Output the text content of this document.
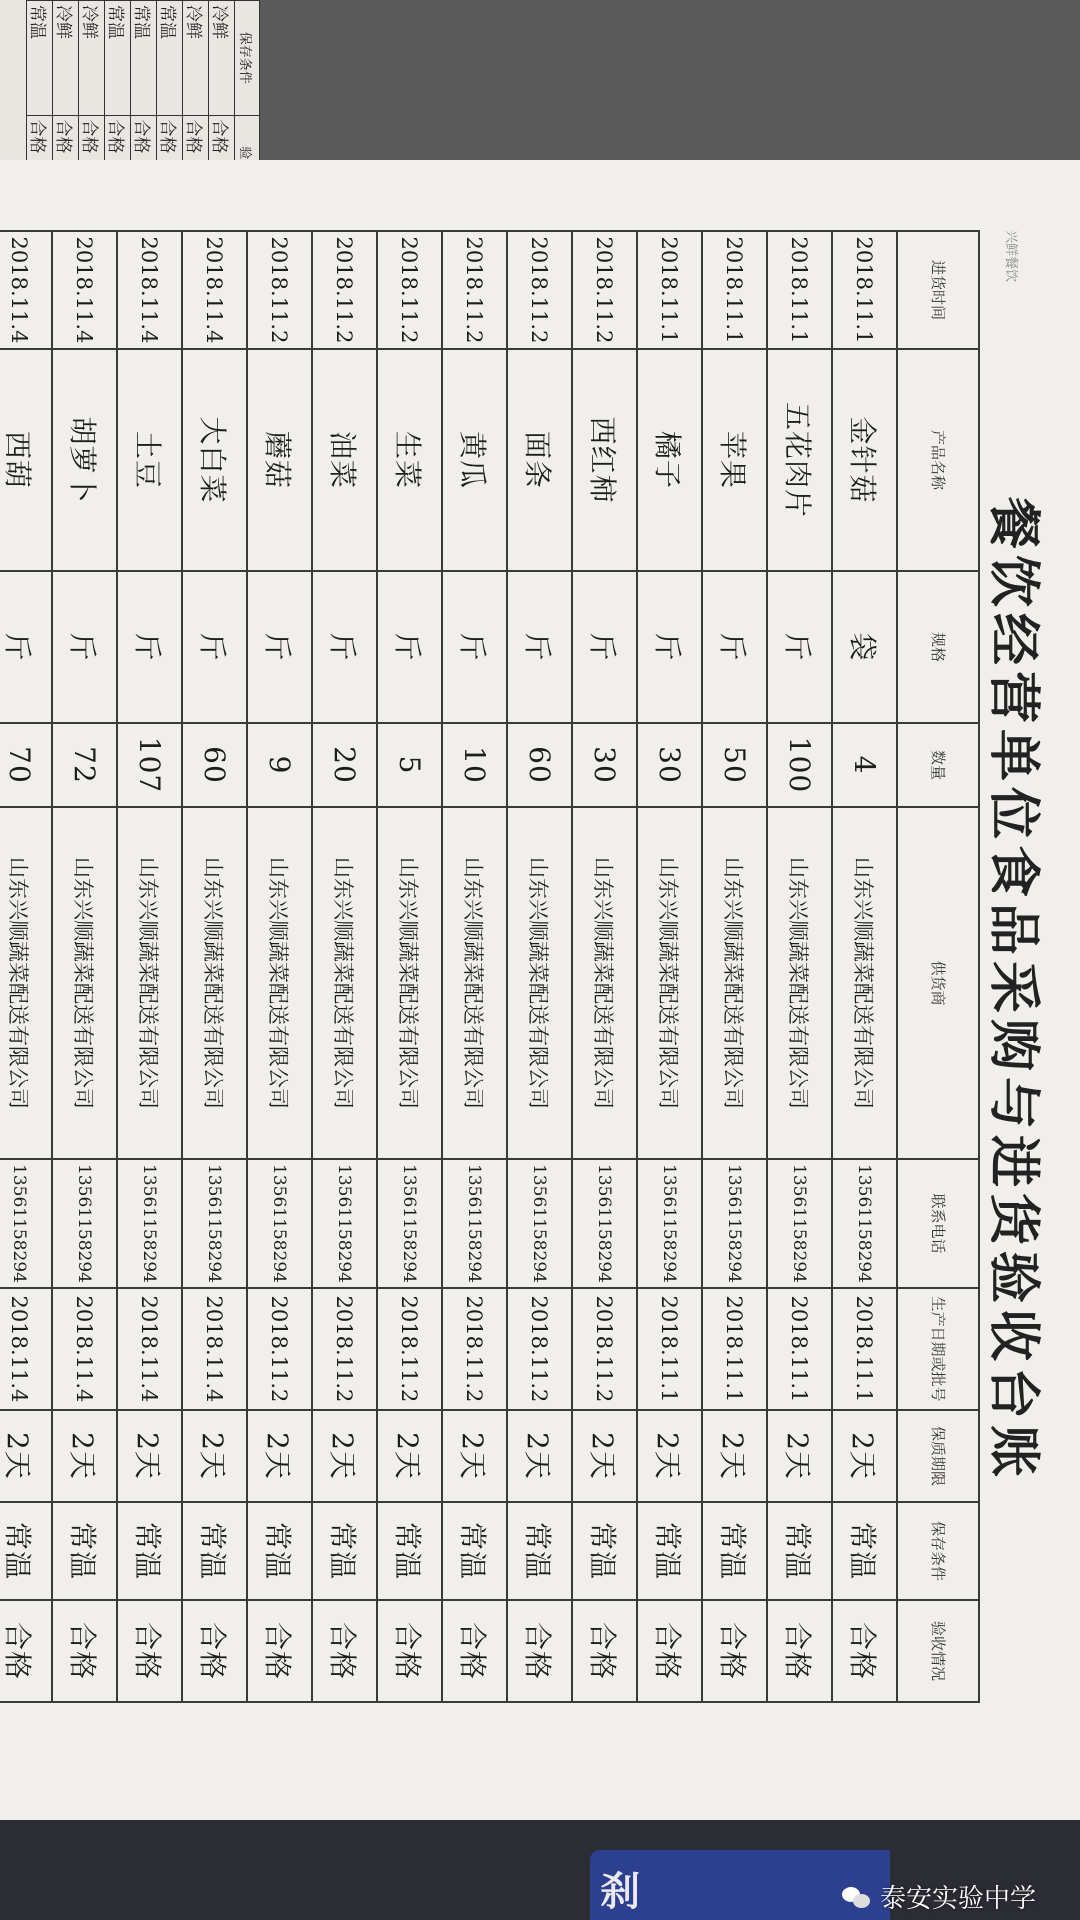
保存条件	
冷鲜	合格
冷鲜	合格
常温	合格
常温	合格
常温	合格
冷鲜	合格
冷鲜	合格
常温	合格
兴鲜餐饮
餐饮经营单位食品采购与进货验收台账
进货时间	产品名称	规格	数量	供货商	联系电话	生产日期或批号	保质期限	保存条件	验收情况
2018.11.1	金针菇	袋	4	山东兴顺蔬菜配送有限公司	13561158294	2018.11.1	2天	常温	合格
2018.11.1	五花肉片	斤	100	山东兴顺蔬菜配送有限公司	13561158294	2018.11.1	2天	常温	合格
2018.11.1	苹果	斤	50	山东兴顺蔬菜配送有限公司	13561158294	2018.11.1	2天	常温	合格
2018.11.1	橘子	斤	30	山东兴顺蔬菜配送有限公司	13561158294	2018.11.1	2天	常温	合格
2018.11.2	西红柿	斤	30	山东兴顺蔬菜配送有限公司	13561158294	2018.11.2	2天	常温	合格
2018.11.2	面条	斤	60	山东兴顺蔬菜配送有限公司	13561158294	2018.11.2	2天	常温	合格
2018.11.2	黄瓜	斤	10	山东兴顺蔬菜配送有限公司	13561158294	2018.11.2	2天	常温	合格
2018.11.2	生菜	斤	5	山东兴顺蔬菜配送有限公司	13561158294	2018.11.2	2天	常温	合格
2018.11.2	油菜	斤	20	山东兴顺蔬菜配送有限公司	13561158294	2018.11.2	2天	常温	合格
2018.11.2	蘑菇	斤	9	山东兴顺蔬菜配送有限公司	13561158294	2018.11.2	2天	常温	合格
2018.11.4	大白菜	斤	60	山东兴顺蔬菜配送有限公司	13561158294	2018.11.4	2天	常温	合格
2018.11.4	土豆	斤	107	山东兴顺蔬菜配送有限公司	13561158294	2018.11.4	2天	常温	合格
2018.11.4	胡萝卜	斤	72	山东兴顺蔬菜配送有限公司	13561158294	2018.11.4	2天	常温	合格
2018.11.4	西葫	斤	70	山东兴顺蔬菜配送有限公司	13561158294	2018.11.4	2天	常温	合格

刹	泰安实验中学
